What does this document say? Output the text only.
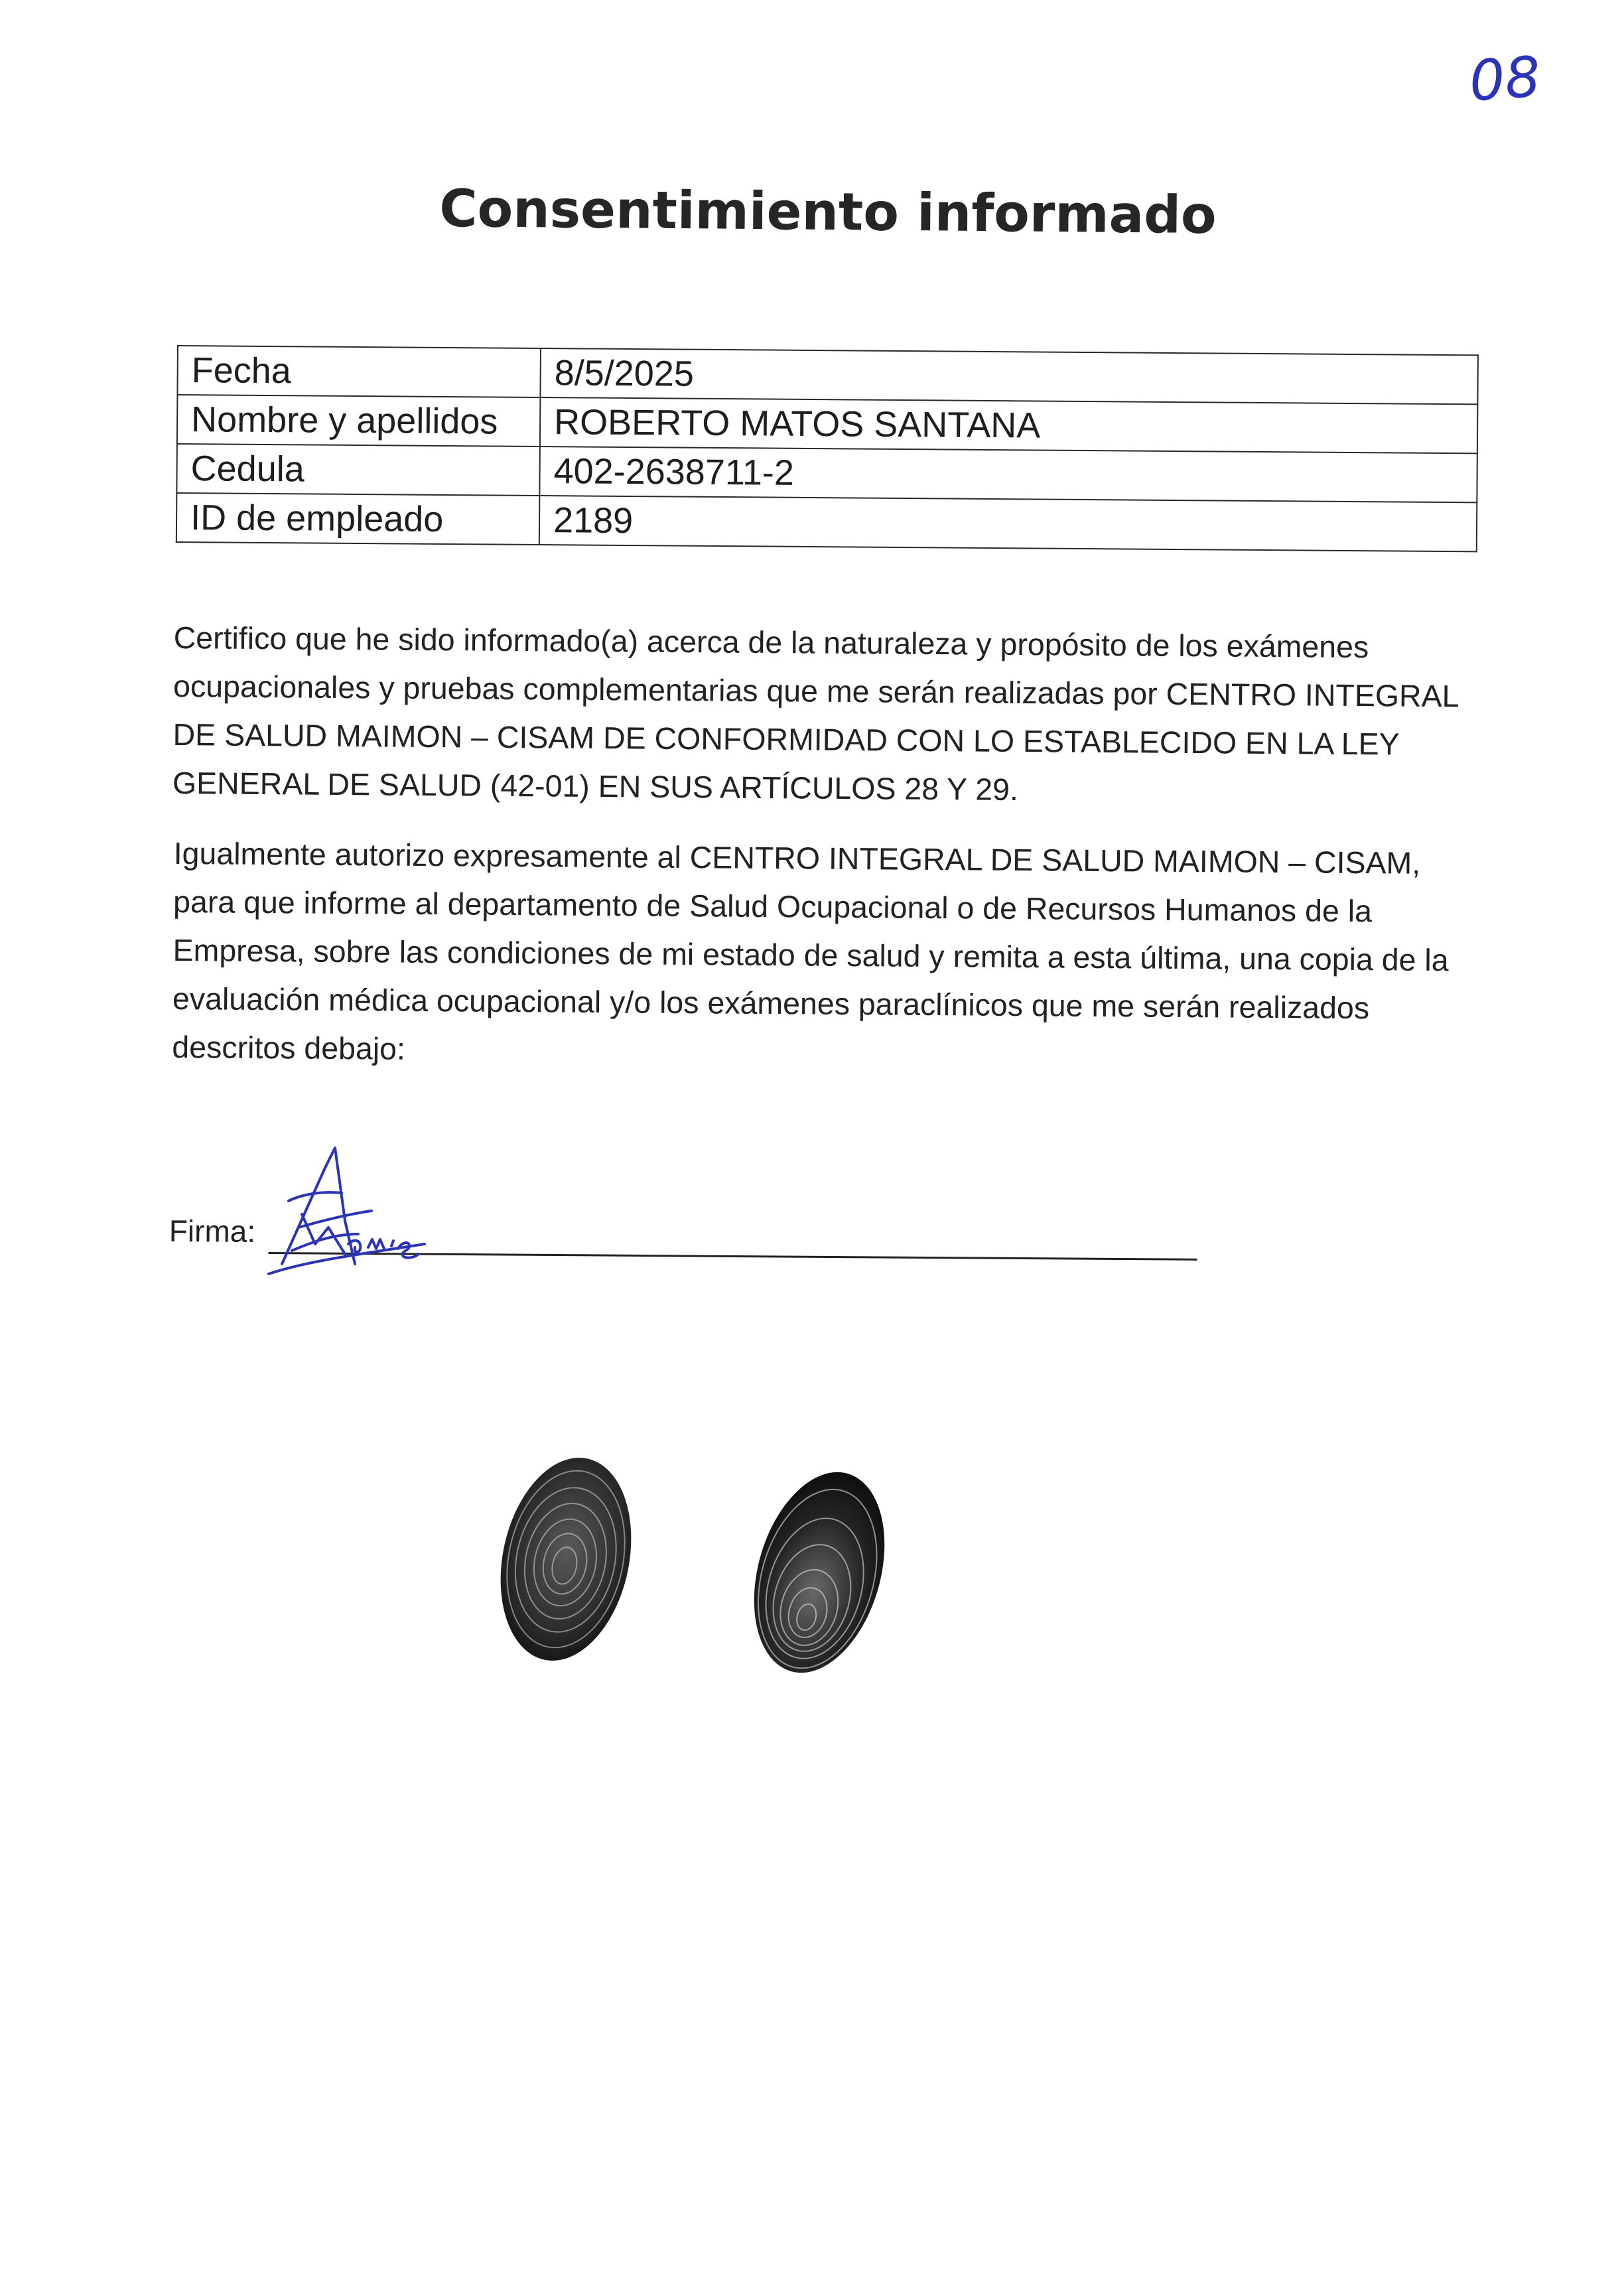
08
Consentimiento informado
Fecha	8/5/2025
Nombre y apellidos	ROBERTO MATOS SANTANA
Cedula	402-2638711-2
ID de empleado	2189

Certifico que he sido informado(a) acerca de la naturaleza y propósito de los exámenes ocupacionales y pruebas complementarias que me serán realizadas por CENTRO INTEGRAL DE SALUD MAIMON – CISAM DE CONFORMIDAD CON LO ESTABLECIDO EN LA LEY GENERAL DE SALUD (42-01) EN SUS ARTÍCULOS 28 Y 29.

Igualmente autorizo expresamente al CENTRO INTEGRAL DE SALUD MAIMON – CISAM, para que informe al departamento de Salud Ocupacional o de Recursos Humanos de la Empresa, sobre las condiciones de mi estado de salud y remita a esta última, una copia de la evaluación médica ocupacional y/o los exámenes paraclínicos que me serán realizados descritos debajo:

Firma:
